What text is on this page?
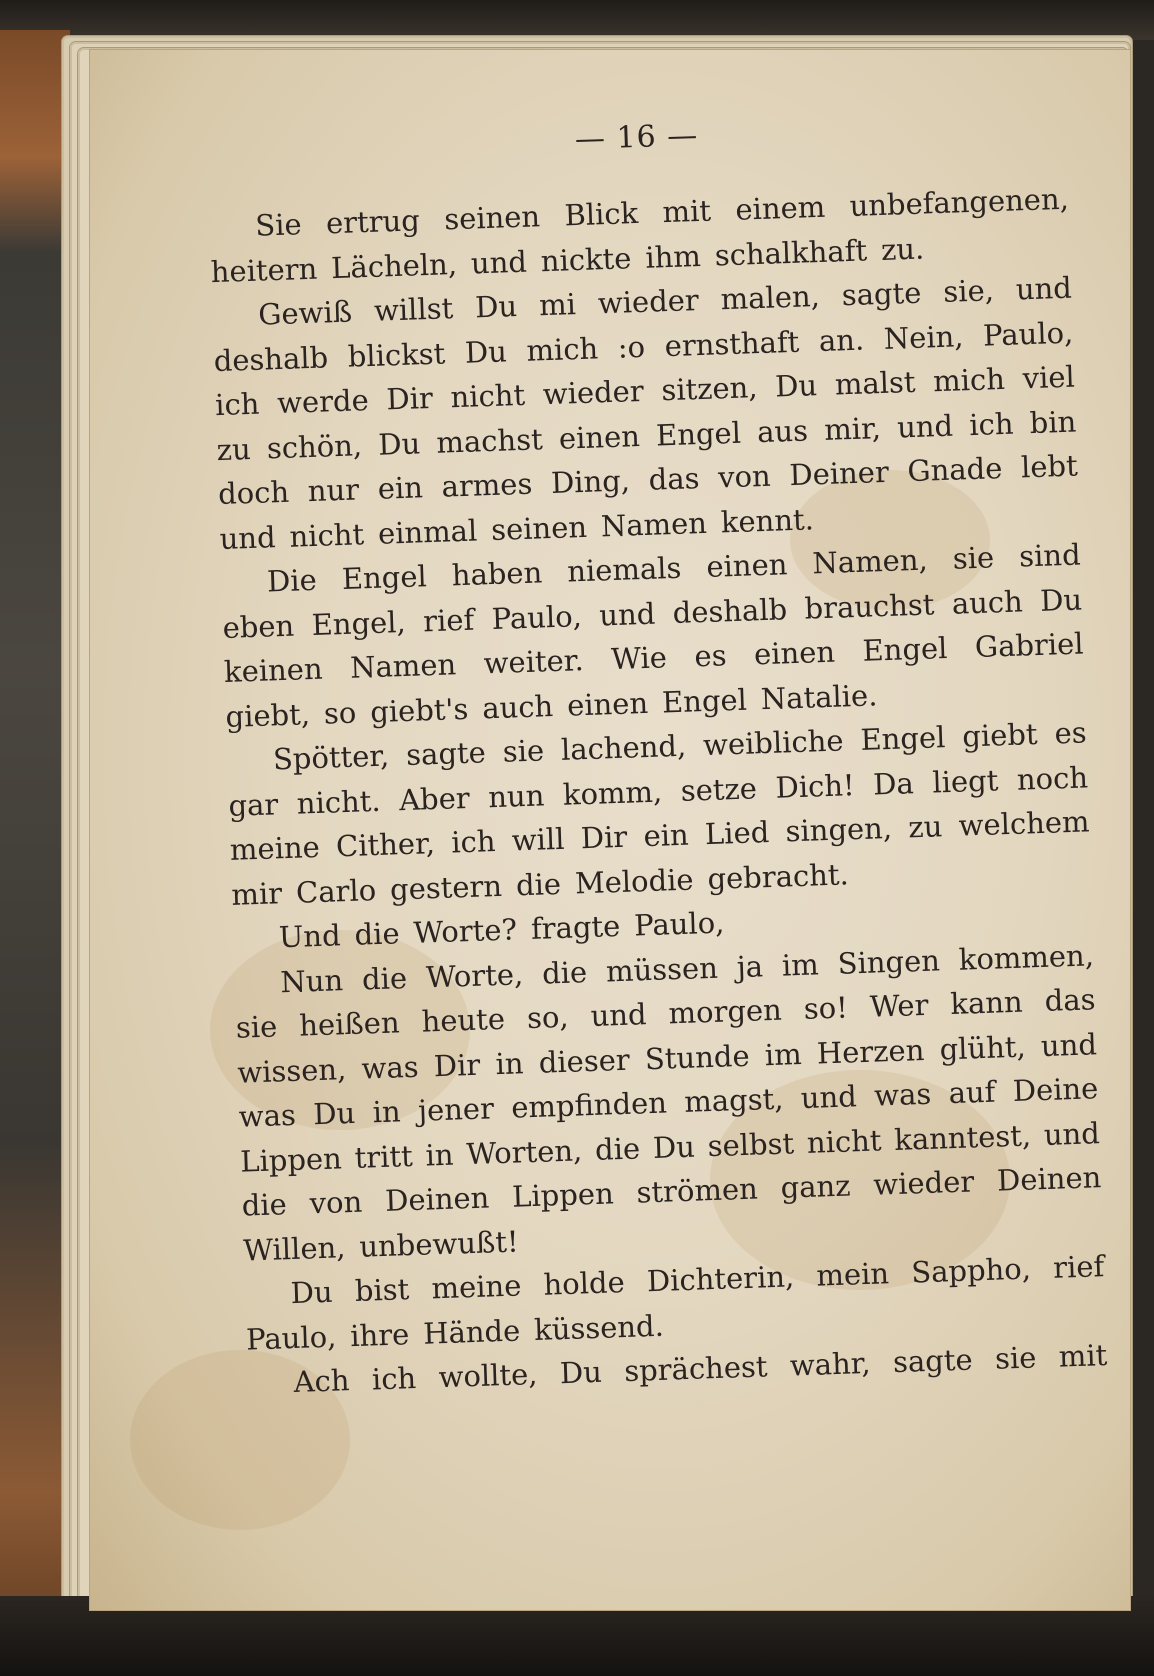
— 16 —
Sie ertrug seinen Blick mit einem unbefangenen,
heitern Lächeln, und nickte ihm schalkhaft zu.
Gewiß willst Du mi wieder malen, sagte sie, und
deshalb blickst Du mich :o ernsthaft an. Nein, Paulo,
ich werde Dir nicht wieder sitzen, Du malst mich viel
zu schön, Du machst einen Engel aus mir, und ich bin
doch nur ein armes Ding, das von Deiner Gnade lebt
und nicht einmal seinen Namen kennt.
Die Engel haben niemals einen Namen, sie sind
eben Engel, rief Paulo, und deshalb brauchst auch Du
keinen Namen weiter. Wie es einen Engel Gabriel
giebt, so giebt's auch einen Engel Natalie.
Spötter, sagte sie lachend, weibliche Engel giebt es
gar nicht. Aber nun komm, setze Dich! Da liegt noch
meine Cither, ich will Dir ein Lied singen, zu welchem
mir Carlo gestern die Melodie gebracht.
Und die Worte? fragte Paulo,
Nun die Worte, die müssen ja im Singen kommen,
sie heißen heute so, und morgen so! Wer kann das
wissen, was Dir in dieser Stunde im Herzen glüht, und
was Du in jener empfinden magst, und was auf Deine
Lippen tritt in Worten, die Du selbst nicht kanntest, und
die von Deinen Lippen strömen ganz wieder Deinen
Willen, unbewußt!
Du bist meine holde Dichterin, mein Sappho, rief
Paulo, ihre Hände küssend.
Ach ich wollte, Du sprächest wahr, sagte sie mit
